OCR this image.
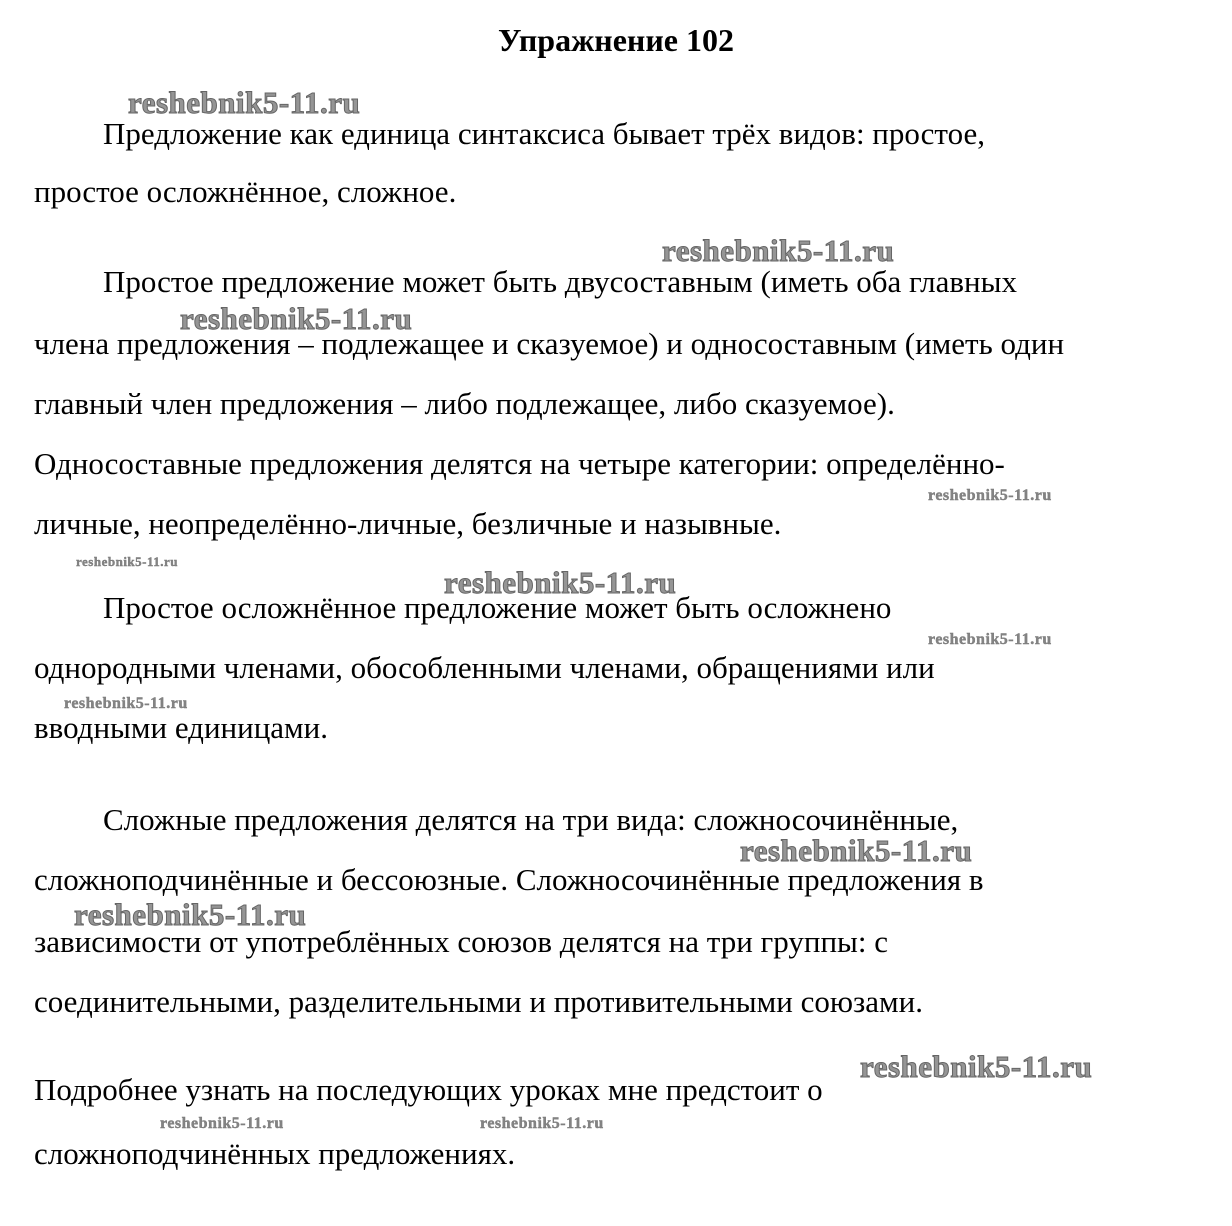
Упражнение 102
Предложение как единица синтаксиса бывает трёх видов: простое,
простое осложнённое, сложное.
Простое предложение может быть двусоставным (иметь оба главных
члена предложения – подлежащее и сказуемое) и односоставным (иметь один
главный член предложения – либо подлежащее, либо сказуемое).
Односоставные предложения делятся на четыре категории: определённо-
личные, неопределённо-личные, безличные и назывные.
Простое осложнённое предложение может быть осложнено
однородными членами, обособленными членами, обращениями или
вводными единицами.
Сложные предложения делятся на три вида: сложносочинённые,
сложноподчинённые и бессоюзные. Сложносочинённые предложения в
зависимости от употреблённых союзов делятся на три группы: с
соединительными, разделительными и противительными союзами.
Подробнее узнать на последующих уроках мне предстоит о
сложноподчинённых предложениях.
reshebnik5-11.ru
reshebnik5-11.ru
reshebnik5-11.ru
reshebnik5-11.ru
reshebnik5-11.ru
reshebnik5-11.ru
reshebnik5-11.ru
reshebnik5-11.ru
reshebnik5-11.ru
reshebnik5-11.ru
reshebnik5-11.ru
reshebnik5-11.ru	reshebnik5-11.ru
